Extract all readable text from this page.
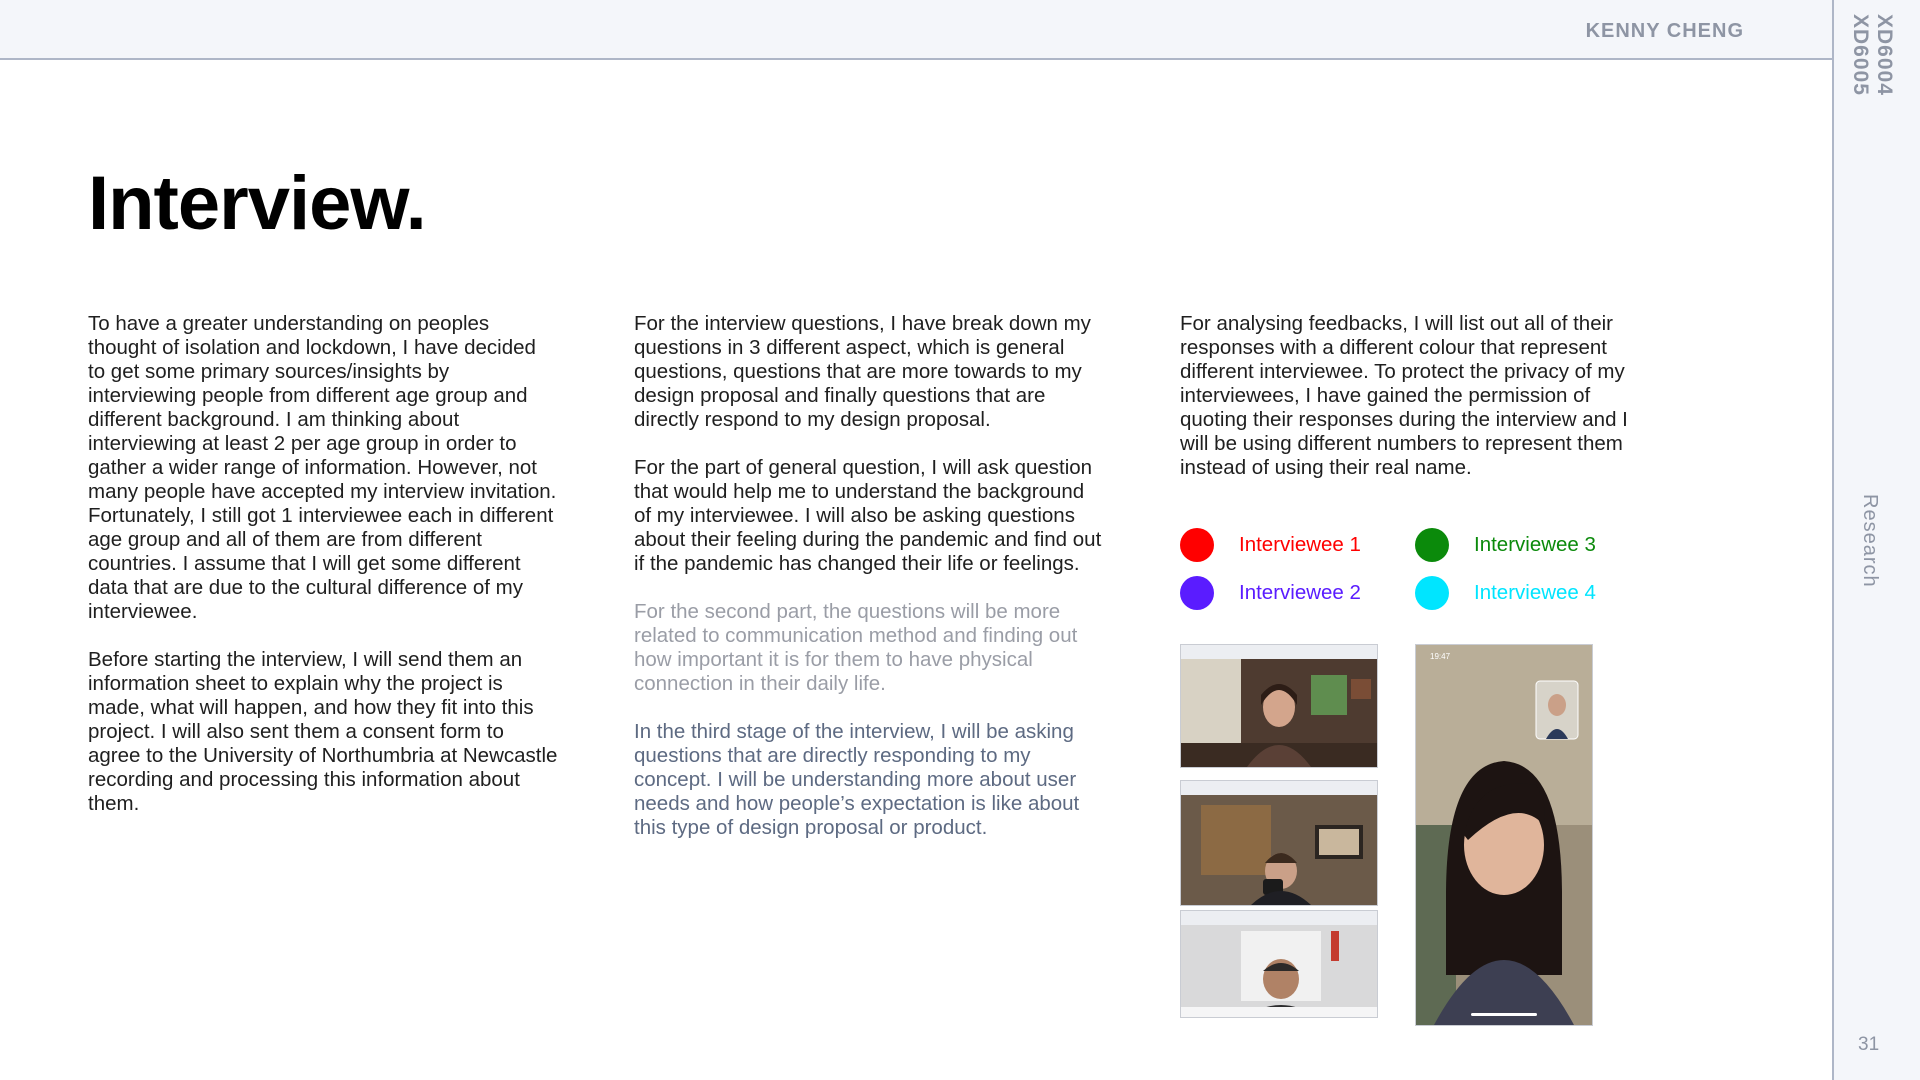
KENNY CHENG	XD6004
XD6005
Research
31
Interview.

To have a greater understanding on peoples thought of isolation and lockdown, I have decided to get some primary sources/insights by interviewing people from different age group and different background. I am thinking about interviewing at least 2 per age group in order to gather a wider range of information. However, not many people have accepted my interview invitation. Fortunately, I still got 1 interviewee each in different age group and all of them are from different countries. I assume that I will get some different data that are due to the cultural difference of my interviewee.

Before starting the interview, I will send them an information sheet to explain why the project is made, what will happen, and how they fit into this project. I will also sent them a consent form to agree to the University of Northumbria at Newcastle recording and processing this information about them.

For the interview questions, I have break down my questions in 3 different aspect, which is general questions, questions that are more towards to my design proposal and finally questions that are directly respond to my design proposal.

For the part of general question, I will ask question that would help me to understand the background of my interviewee. I will also be asking questions about their feeling during the pandemic and find out if the pandemic has changed their life or feelings.

For the second part, the questions will be more related to communication method and finding out how important it is for them to have physical connection in their daily life.

In the third stage of the interview, I will be asking questions that are directly responding to my concept. I will be understanding more about user needs and how people’s expectation is like about this type of design proposal or product.

For analysing feedbacks, I will list out all of their responses with a different colour that represent different interviewee. To protect the privacy of my interviewees, I have gained the permission of quoting their responses during the interview and I will be using different numbers to represent them instead of using their real name.

Interviewee 1
Interviewee 2
Interviewee 3
Interviewee 4
19:47
